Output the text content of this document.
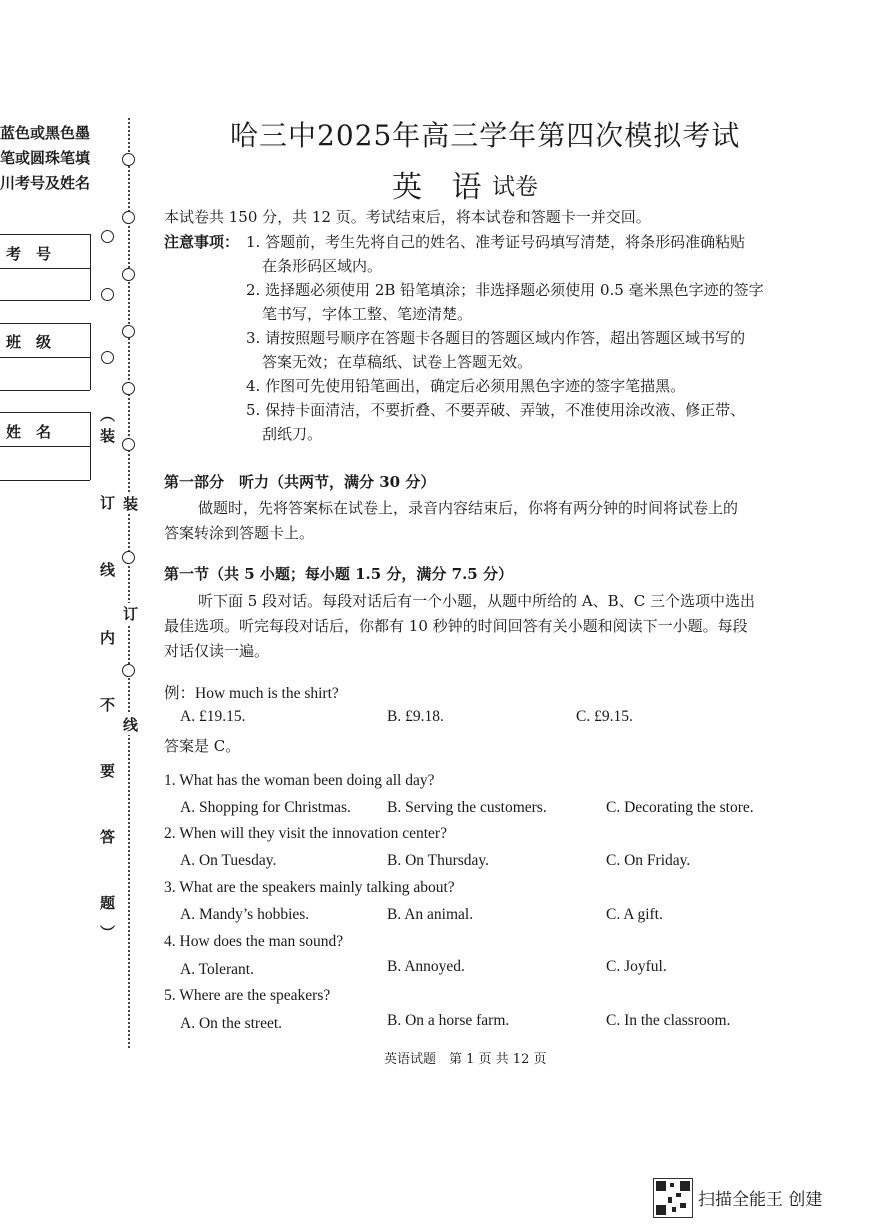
蓝色或黑色墨
笔或圆珠笔填
川考号及姓名
考　号
班　级
姓　名
︵
装
订
线
内
不
要
答
题
︶
装
订
线
哈三中2025年高三学年第四次模拟考试
英 语 试卷
本试卷共 150 分，共 12 页。考试结束后，将本试卷和答题卡一并交回。
注意事项： 1. 答题前，考生先将自己的姓名、准考证号码填写清楚，将条形码准确粘贴
在条形码区域内。
2. 选择题必须使用 2B 铅笔填涂；非选择题必须使用 0.5 毫米黑色字迹的签字
笔书写，字体工整、笔迹清楚。
3. 请按照题号顺序在答题卡各题目的答题区域内作答，超出答题区域书写的
答案无效；在草稿纸、试卷上答题无效。
4. 作图可先使用铅笔画出，确定后必须用黑色字迹的签字笔描黑。
5. 保持卡面清洁，不要折叠、不要弄破、弄皱，不准使用涂改液、修正带、
刮纸刀。
第一部分　听力（共两节，满分 30 分）
做题时，先将答案标在试卷上，录音内容结束后，你将有两分钟的时间将试卷上的
答案转涂到答题卡上。
第一节（共 5 小题；每小题 1.5 分，满分 7.5 分）
听下面 5 段对话。每段对话后有一个小题，从题中所给的 A、B、C 三个选项中选出
最佳选项。听完每段对话后，你都有 10 秒钟的时间回答有关小题和阅读下一小题。每段
对话仅读一遍。
例：How much is the shirt?
A. £19.15.	B. £9.18.	C. £9.15.
答案是 C。
1. What has the woman been doing all day?
A. Shopping for Christmas. B. Serving the customers.	C. Decorating the store.
2. When will they visit the innovation center?
A. On Tuesday.	B. On Thursday.	C. On Friday.
3. What are the speakers mainly talking about?
A. Mandy’s hobbies.	B. An animal.	C. A gift.
4. How does the man sound?
A. Tolerant.	B. Annoyed.	C. Joyful.
5. Where are the speakers?
A. On the street.	B. On a horse farm.	C. In the classroom.
英语试题　第 1 页 共 12 页
扫描全能王 创建
